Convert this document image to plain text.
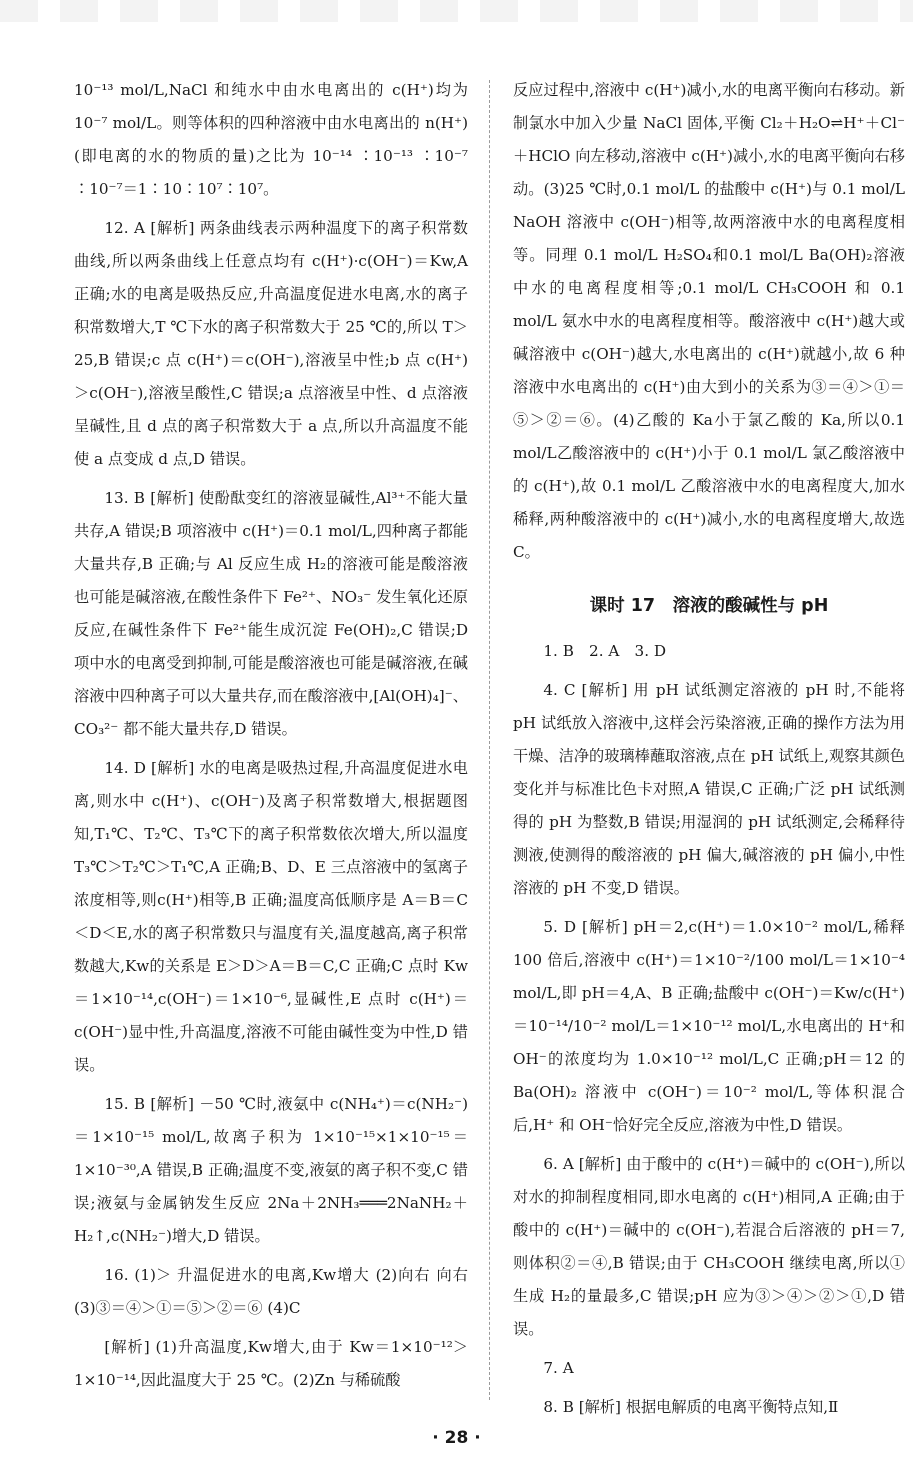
10⁻¹³ mol/L,NaCl 和纯水中由水电离出的 c(H⁺)均为 10⁻⁷ mol/L。则等体积的四种溶液中由水电离出的 n(H⁺)(即电离的水的物质的量)之比为 10⁻¹⁴ ∶10⁻¹³ ∶10⁻⁷ ∶10⁻⁷＝1∶10∶10⁷∶10⁷。

12. A [解析] 两条曲线表示两种温度下的离子积常数曲线,所以两条曲线上任意点均有 c(H⁺)·c(OH⁻)＝Kw,A 正确;水的电离是吸热反应,升高温度促进水电离,水的离子积常数增大,T ℃下水的离子积常数大于 25 ℃的,所以 T＞25,B 错误;c 点 c(H⁺)＝c(OH⁻),溶液呈中性;b 点 c(H⁺)＞c(OH⁻),溶液呈酸性,C 错误;a 点溶液呈中性、d 点溶液呈碱性,且 d 点的离子积常数大于 a 点,所以升高温度不能使 a 点变成 d 点,D 错误。

13. B [解析] 使酚酞变红的溶液显碱性,Al³⁺不能大量共存,A 错误;B 项溶液中 c(H⁺)＝0.1 mol/L,四种离子都能大量共存,B 正确;与 Al 反应生成 H₂的溶液可能是酸溶液也可能是碱溶液,在酸性条件下 Fe²⁺、NO₃⁻ 发生氧化还原反应,在碱性条件下 Fe²⁺能生成沉淀 Fe(OH)₂,C 错误;D 项中水的电离受到抑制,可能是酸溶液也可能是碱溶液,在碱溶液中四种离子可以大量共存,而在酸溶液中,[Al(OH)₄]⁻、CO₃²⁻ 都不能大量共存,D 错误。

14. D [解析] 水的电离是吸热过程,升高温度促进水电离,则水中 c(H⁺)、c(OH⁻)及离子积常数增大,根据题图知,T₁℃、T₂℃、T₃℃下的离子积常数依次增大,所以温度 T₃℃＞T₂℃＞T₁℃,A 正确;B、D、E 三点溶液中的氢离子浓度相等,则c(H⁺)相等,B 正确;温度高低顺序是 A＝B＝C＜D＜E,水的离子积常数只与温度有关,温度越高,离子积常数越大,Kw的关系是 E＞D＞A＝B＝C,C 正确;C 点时 Kw＝1×10⁻¹⁴,c(OH⁻)＝1×10⁻⁶,显碱性,E 点时 c(H⁺)＝c(OH⁻)显中性,升高温度,溶液不可能由碱性变为中性,D 错误。

15. B [解析] －50 ℃时,液氨中 c(NH₄⁺)＝c(NH₂⁻)＝1×10⁻¹⁵ mol/L,故离子积为 1×10⁻¹⁵×1×10⁻¹⁵＝1×10⁻³⁰,A 错误,B 正确;温度不变,液氨的离子积不变,C 错误;液氨与金属钠发生反应 2Na＋2NH₃═══2NaNH₂＋H₂↑,c(NH₂⁻)增大,D 错误。

16. (1)＞ 升温促进水的电离,Kw增大 (2)向右 向右 (3)③＝④＞①＝⑤＞②＝⑥ (4)C

[解析] (1)升高温度,Kw增大,由于 Kw＝1×10⁻¹²＞1×10⁻¹⁴,因此温度大于 25 ℃。(2)Zn 与稀硫酸

反应过程中,溶液中 c(H⁺)减小,水的电离平衡向右移动。新制氯水中加入少量 NaCl 固体,平衡 Cl₂＋H₂O⇌H⁺＋Cl⁻＋HClO 向左移动,溶液中 c(H⁺)减小,水的电离平衡向右移动。(3)25 ℃时,0.1 mol/L 的盐酸中 c(H⁺)与 0.1 mol/L NaOH 溶液中 c(OH⁻)相等,故两溶液中水的电离程度相等。同理 0.1 mol/L H₂SO₄和0.1 mol/L Ba(OH)₂溶液中水的电离程度相等;0.1 mol/L CH₃COOH 和 0.1 mol/L 氨水中水的电离程度相等。酸溶液中 c(H⁺)越大或碱溶液中 c(OH⁻)越大,水电离出的 c(H⁺)就越小,故 6 种溶液中水电离出的 c(H⁺)由大到小的关系为③＝④＞①＝⑤＞②＝⑥。(4)乙酸的 Ka小于氯乙酸的 Ka,所以0.1 mol/L乙酸溶液中的 c(H⁺)小于 0.1 mol/L 氯乙酸溶液中的 c(H⁺),故 0.1 mol/L 乙酸溶液中水的电离程度大,加水稀释,两种酸溶液中的 c(H⁺)减小,水的电离程度增大,故选 C。

课时 17　溶液的酸碱性与 pH

1. B　2. A　3. D

4. C [解析] 用 pH 试纸测定溶液的 pH 时,不能将 pH 试纸放入溶液中,这样会污染溶液,正确的操作方法为用干燥、洁净的玻璃棒蘸取溶液,点在 pH 试纸上,观察其颜色变化并与标准比色卡对照,A 错误,C 正确;广泛 pH 试纸测得的 pH 为整数,B 错误;用湿润的 pH 试纸测定,会稀释待测液,使测得的酸溶液的 pH 偏大,碱溶液的 pH 偏小,中性溶液的 pH 不变,D 错误。

5. D [解析] pH＝2,c(H⁺)＝1.0×10⁻² mol/L,稀释 100 倍后,溶液中 c(H⁺)＝1×10⁻²/100 mol/L＝1×10⁻⁴ mol/L,即 pH＝4,A、B 正确;盐酸中 c(OH⁻)＝Kw/c(H⁺)＝10⁻¹⁴/10⁻² mol/L＝1×10⁻¹² mol/L,水电离出的 H⁺和 OH⁻的浓度均为 1.0×10⁻¹² mol/L,C 正确;pH＝12 的 Ba(OH)₂ 溶液中 c(OH⁻)＝10⁻² mol/L,等体积混合后,H⁺ 和 OH⁻恰好完全反应,溶液为中性,D 错误。

6. A [解析] 由于酸中的 c(H⁺)＝碱中的 c(OH⁻),所以对水的抑制程度相同,即水电离的 c(H⁺)相同,A 正确;由于酸中的 c(H⁺)＝碱中的 c(OH⁻),若混合后溶液的 pH＝7,则体积②＝④,B 错误;由于 CH₃COOH 继续电离,所以①生成 H₂的量最多,C 错误;pH 应为③＞④＞②＞①,D 错误。

7. A

8. B [解析] 根据电解质的电离平衡特点知,Ⅱ

· 28 ·
